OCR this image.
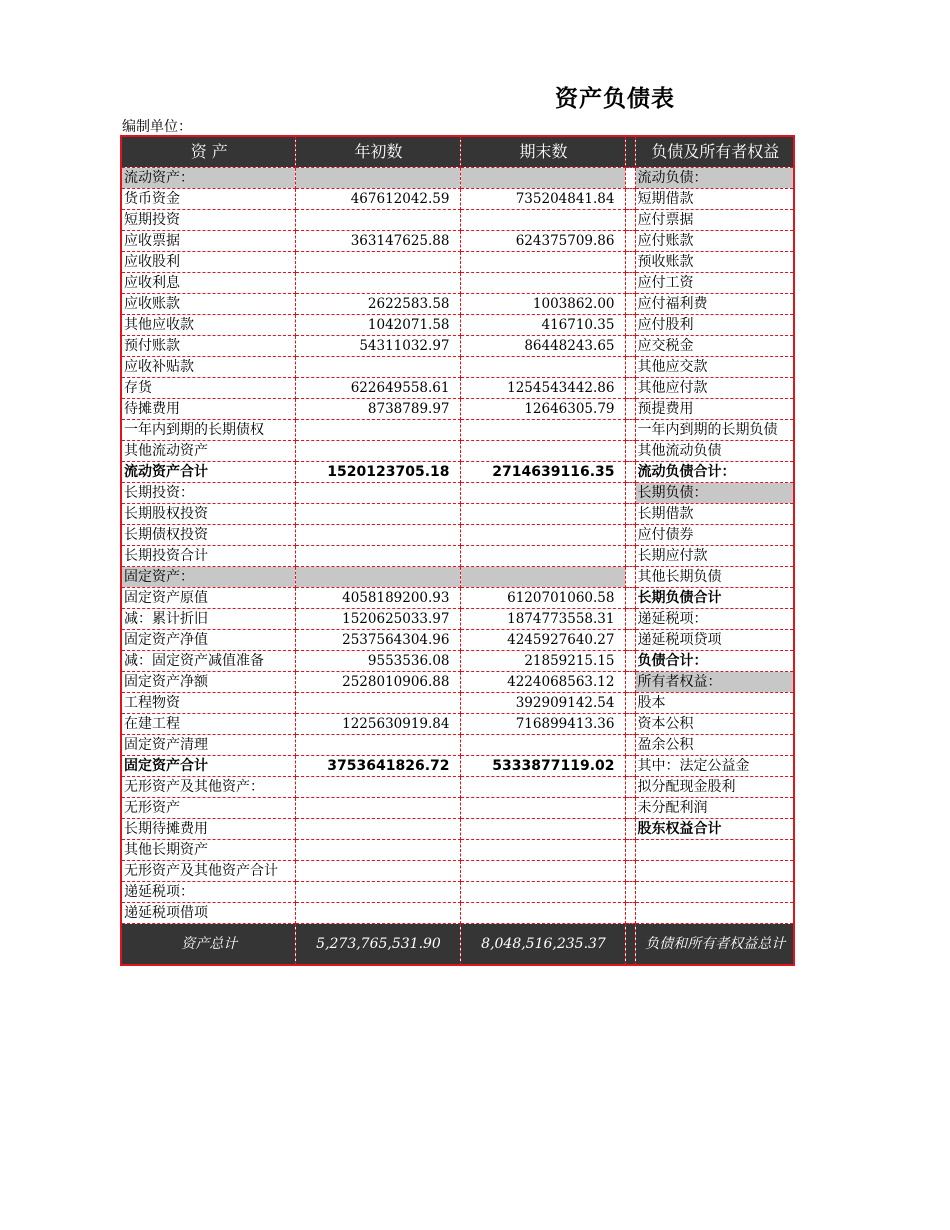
资产负债表
编制单位：
资 产	年初数	期末数		负债及所有者权益
流动资产：				流动负债：
货币资金	467612042.59	735204841.84		短期借款
短期投资				应付票据
应收票据	363147625.88	624375709.86		应付账款
应收股利				预收账款
应收利息				应付工资
应收账款	2622583.58	1003862.00		应付福利费
其他应收款	1042071.58	416710.35		应付股利
预付账款	54311032.97	86448243.65		应交税金
应收补贴款				其他应交款
存货	622649558.61	1254543442.86		其他应付款
待摊费用	8738789.97	12646305.79		预提费用
一年内到期的长期债权				一年内到期的长期负债
其他流动资产				其他流动负债
流动资产合计	1520123705.18	2714639116.35		流动负债合计：
长期投资：				长期负债：
长期股权投资				长期借款
长期债权投资				应付债券
长期投资合计				长期应付款
固定资产：				其他长期负债
固定资产原值	4058189200.93	6120701060.58		长期负债合计
减：累计折旧	1520625033.97	1874773558.31		递延税项：
固定资产净值	2537564304.96	4245927640.27		递延税项贷项
减：固定资产减值准备	9553536.08	21859215.15		负债合计：
固定资产净额	2528010906.88	4224068563.12		所有者权益：
工程物资		392909142.54		股本
在建工程	1225630919.84	716899413.36		资本公积
固定资产清理				盈余公积
固定资产合计	3753641826.72	5333877119.02		其中：法定公益金
无形资产及其他资产：				拟分配现金股利
无形资产				未分配利润
长期待摊费用				股东权益合计
其他长期资产				
无形资产及其他资产合计				
递延税项：				
递延税项借项				
资产总计	5,273,765,531.90	8,048,516,235.37		负债和所有者权益总计
